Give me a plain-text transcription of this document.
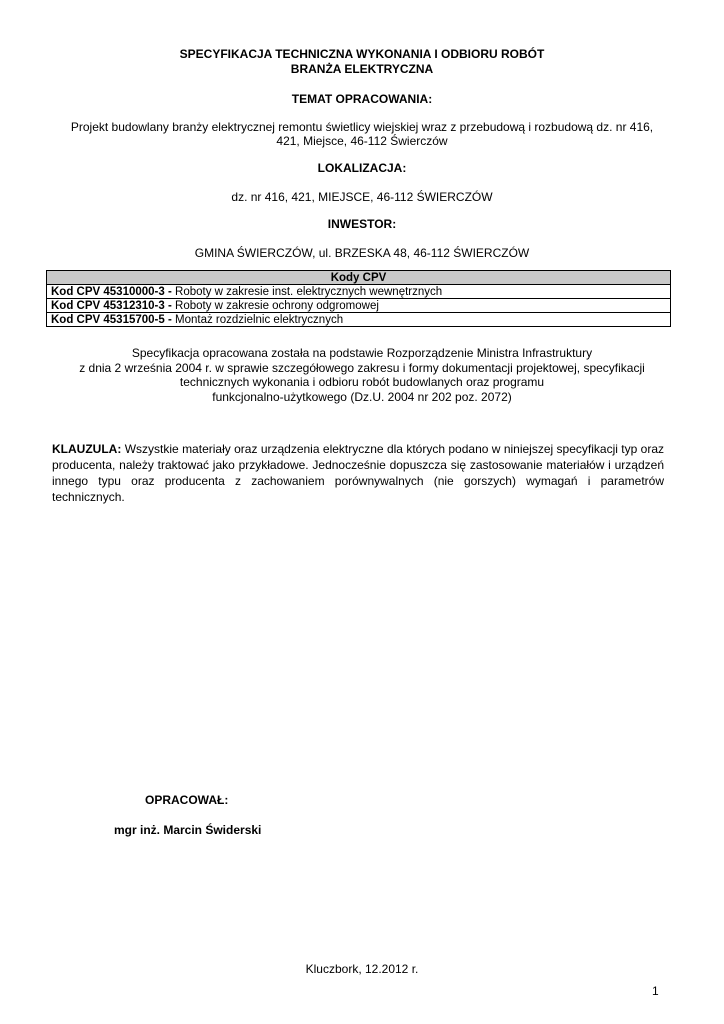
SPECYFIKACJA TECHNICZNA WYKONANIA I ODBIORU ROBÓT
BRANŻA ELEKTRYCZNA
TEMAT OPRACOWANIA:
Projekt budowlany branży elektrycznej remontu świetlicy wiejskiej wraz z przebudową i rozbudową dz. nr 416,
421, Miejsce, 46-112 Świerczów
LOKALIZACJA:
dz. nr 416, 421, MIEJSCE, 46-112 ŚWIERCZÓW
INWESTOR:
GMINA ŚWIERCZÓW, ul. BRZESKA 48, 46-112 ŚWIERCZÓW
Kody CPV
Kod CPV 45310000-3 - Roboty w zakresie inst. elektrycznych wewnętrznych
Kod CPV 45312310-3 - Roboty w zakresie ochrony odgromowej
Kod CPV 45315700-5 - Montaż rozdzielnic elektrycznych
Specyfikacja opracowana została na podstawie Rozporządzenie Ministra Infrastruktury
z dnia 2 września 2004 r. w sprawie szczegółowego zakresu i formy dokumentacji projektowej, specyfikacji
technicznych wykonania i odbioru robót budowlanych oraz programu
funkcjonalno-użytkowego (Dz.U. 2004 nr 202 poz. 2072)
KLAUZULA: Wszystkie materiały oraz urządzenia elektryczne dla których podano w niniejszej specyfikacji typ oraz producenta, należy traktować jako przykładowe. Jednocześnie dopuszcza się zastosowanie materiałów i urządzeń innego typu oraz producenta z zachowaniem porównywalnych (nie gorszych) wymagań i parametrów technicznych.
OPRACOWAŁ:
mgr inż. Marcin Świderski
Kluczbork, 12.2012 r.
1
